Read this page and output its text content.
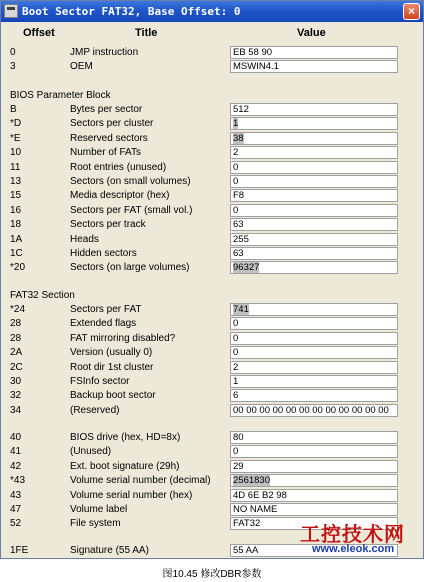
Boot Sector FAT32, Base Offset: 0	×
Offset	Title	Value
0	JMP instruction	EB 58 90
3	OEM	MSWIN4.1
B	Bytes per sector	512
*D	Sectors per cluster	1
*E	Reserved sectors	38
10	Number of FATs	2
11	Root entries (unused)	0
13	Sectors (on small volumes)	0
15	Media descriptor (hex)	F8
16	Sectors per FAT (small vol.)	0
18	Sectors per track	63
1A	Heads	255
1C	Hidden sectors	63
*20	Sectors (on large volumes)	96327
*24	Sectors per FAT	741
28	Extended flags	0
28	FAT mirroring disabled?	0
2A	Version (usually 0)	0
2C	Root dir 1st cluster	2
30	FSInfo sector	1
32	Backup boot sector	6
34	(Reserved)	00 00 00 00 00 00 00 00 00 00 00 00
40	BIOS drive (hex, HD=8x)	80
41	(Unused)	0
42	Ext. boot signature (29h)	29
*43	Volume serial number (decimal)	2561830
43	Volume serial number (hex)	4D 6E B2 98
47	Volume label	NO NAME
52	File system	FAT32
1FE	Signature (55 AA)	55 AA
BIOS Parameter Block
FAT32 Section
工控技术网
www.eleok.com
图10.45 修改DBR参数
